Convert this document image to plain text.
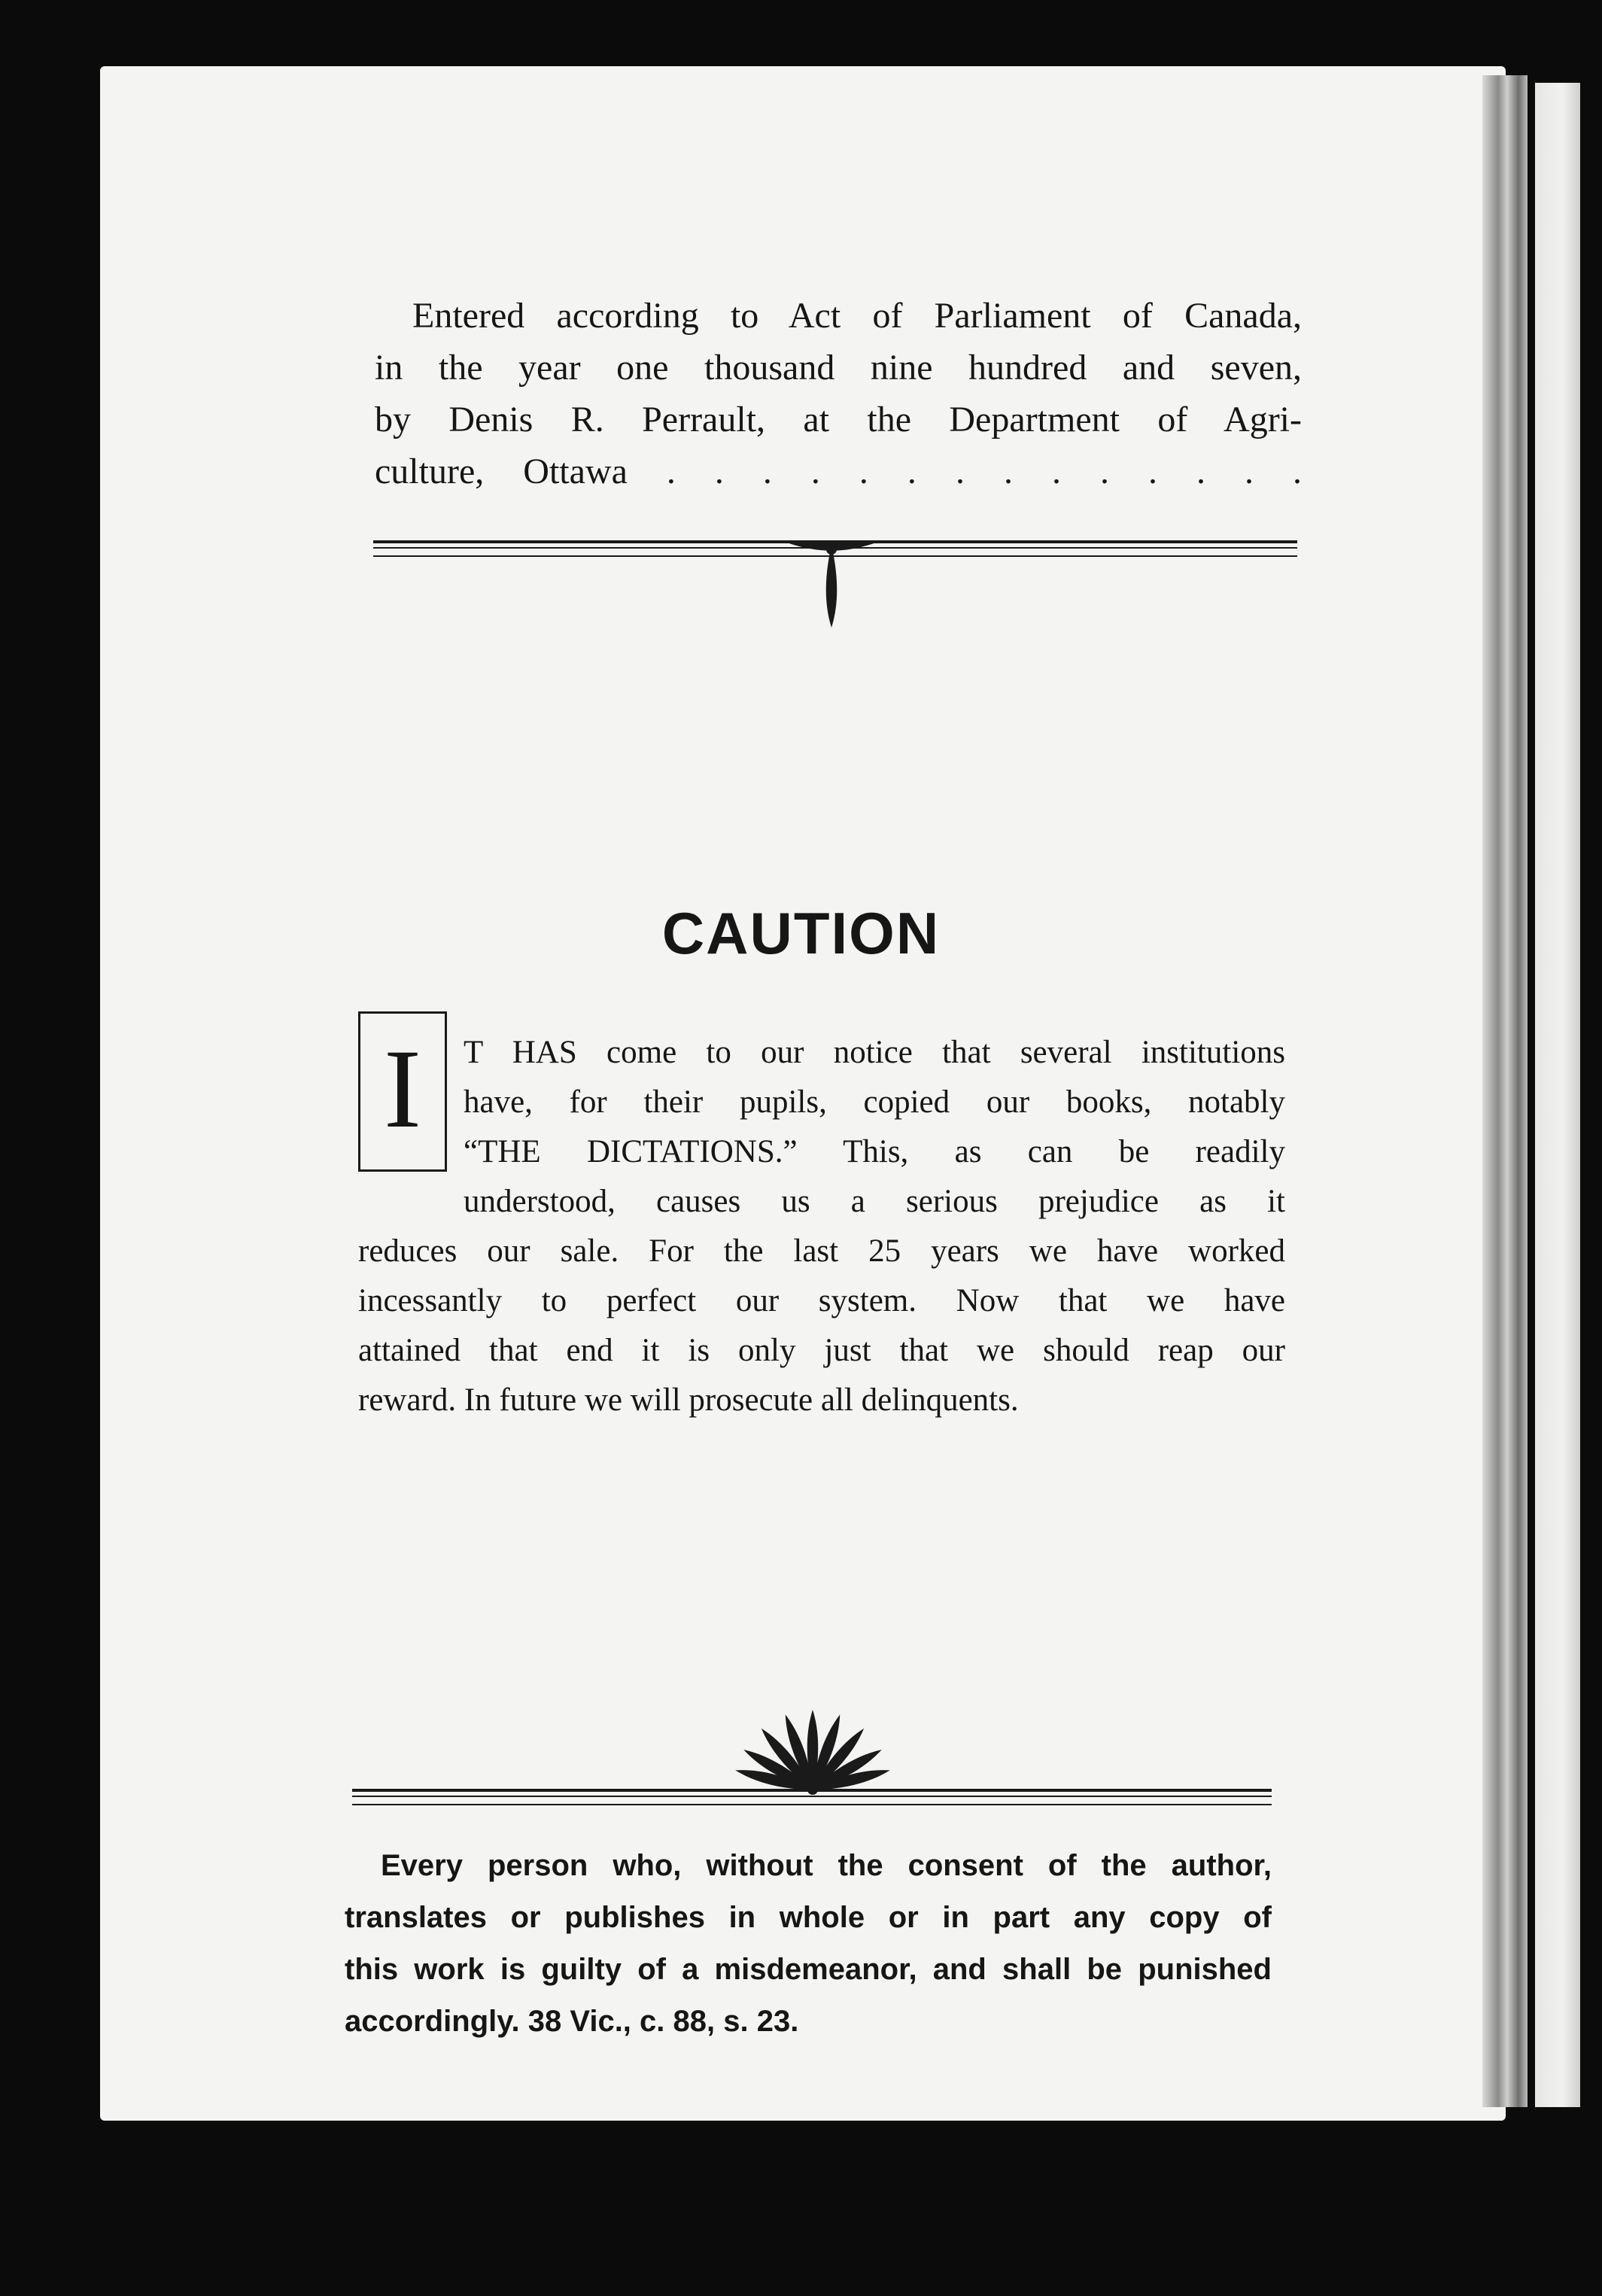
Entered according to Act of Parliament of Canada,
in the year one thousand nine hundred and seven,
by Denis R. Perrault, at the Department of Agri-
culture, Ottawa . . . . . . . . . . . . . .

CAUTION
I	T HAS come to our notice that several institutions
have, for their pupils, copied our books, notably
“THE DICTATIONS.” This, as can be readily
understood, causes us a serious prejudice as it
reduces our sale. For the last 25 years we have worked
incessantly to perfect our system. Now that we have
attained that end it is only just that we should reap our
reward. In future we will prosecute all delinquents.

Every person who, without the consent of the author,
translates or publishes in whole or in part any copy of
this work is guilty of a misdemeanor, and shall be punished
accordingly. 38 Vic., c. 88, s. 23.
